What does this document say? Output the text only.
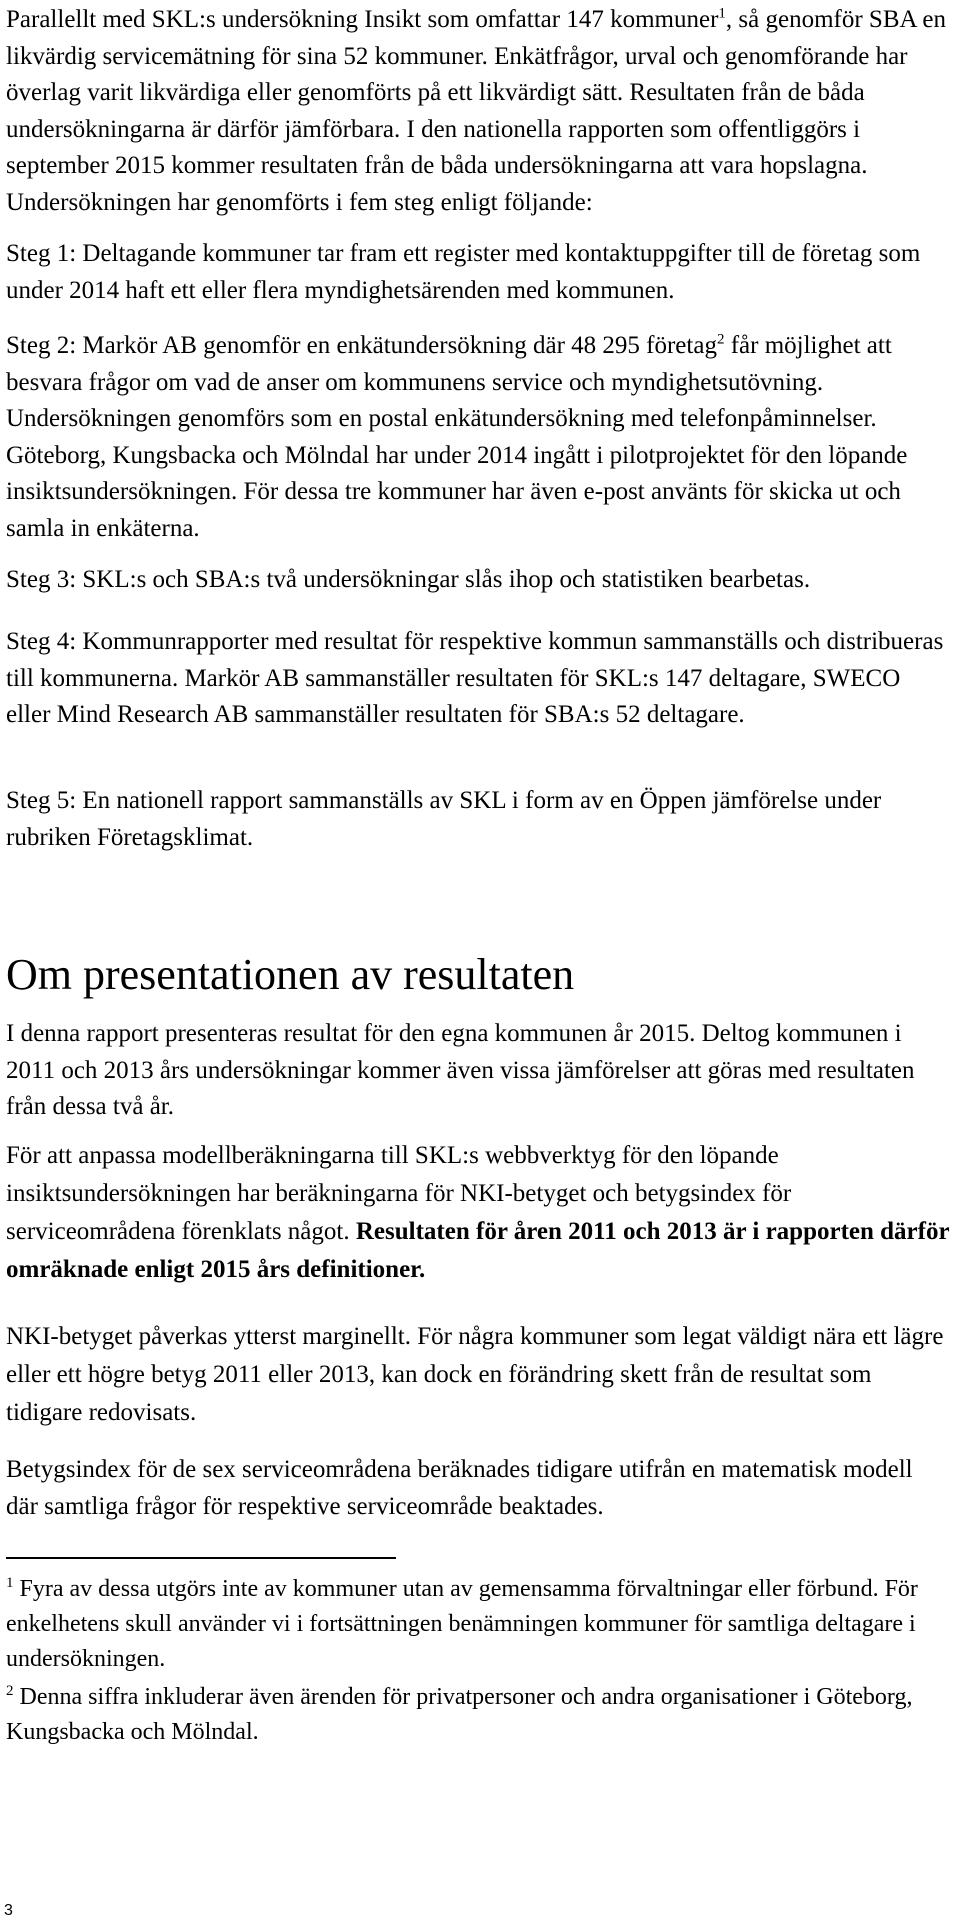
Parallellt med SKL:s undersökning Insikt som omfattar 147 kommuner$^1$, så genomför SBA en likvärdig servicemätning för sina 52 kommuner. Enkätfrågor, urval och genomförande har överlag varit likvärdiga eller genomförts på ett likvärdigt sätt. Resultaten från de båda undersökningarna är därför jämförbara. I den nationella rapporten som offentliggörs i september 2015 kommer resultaten från de båda undersökningarna att vara hopslagna. Undersökningen har genomförts i fem steg enligt följande:

Steg 1: Deltagande kommuner tar fram ett register med kontaktuppgifter till de företag som under 2014 haft ett eller flera myndighetsärenden med kommunen.

Steg 2: Markör AB genomför en enkätundersökning där 48 295 företag$^2$ får möjlighet att besvara frågor om vad de anser om kommunens service och myndighetsutövning. Undersökningen genomförs som en postal enkätundersökning med telefonpåminnelser. Göteborg, Kungsbacka och Mölndal har under 2014 ingått i pilotprojektet för den löpande insiktsundersökningen. För dessa tre kommuner har även e-post använts för skicka ut och samla in enkäterna.

Steg 3: SKL:s och SBA:s två undersökningar slås ihop och statistiken bearbetas.

Steg 4: Kommunrapporter med resultat för respektive kommun sammanställs och distribueras till kommunerna. Markör AB sammanställer resultaten för SKL:s 147 deltagare, SWECO eller Mind Research AB sammanställer resultaten för SBA:s 52 deltagare.

Steg 5: En nationell rapport sammanställs av SKL i form av en Öppen jämförelse under rubriken Företagsklimat.

Om presentationen av resultaten

I denna rapport presenteras resultat för den egna kommunen år 2015. Deltog kommunen i 2011 och 2013 års undersökningar kommer även vissa jämförelser att göras med resultaten från dessa två år.

För att anpassa modellberäkningarna till SKL:s webbverktyg för den löpande insiktsundersökningen har beräkningarna för NKI-betyget och betygsindex för serviceområdena förenklats något. Resultaten för åren 2011 och 2013 är i rapporten därför omräknade enligt 2015 års definitioner.

NKI-betyget påverkas ytterst marginellt. För några kommuner som legat väldigt nära ett lägre eller ett högre betyg 2011 eller 2013, kan dock en förändring skett från de resultat som tidigare redovisats.

Betygsindex för de sex serviceområdena beräknades tidigare utifrån en matematisk modell där samtliga frågor för respektive serviceområde beaktades.

$^1$ Fyra av dessa utgörs inte av kommuner utan av gemensamma förvaltningar eller förbund. För enkelhetens skull använder vi i fortsättningen benämningen kommuner för samtliga deltagare i undersökningen.

$^2$ Denna siffra inkluderar även ärenden för privatpersoner och andra organisationer i Göteborg, Kungsbacka och Mölndal.

3
